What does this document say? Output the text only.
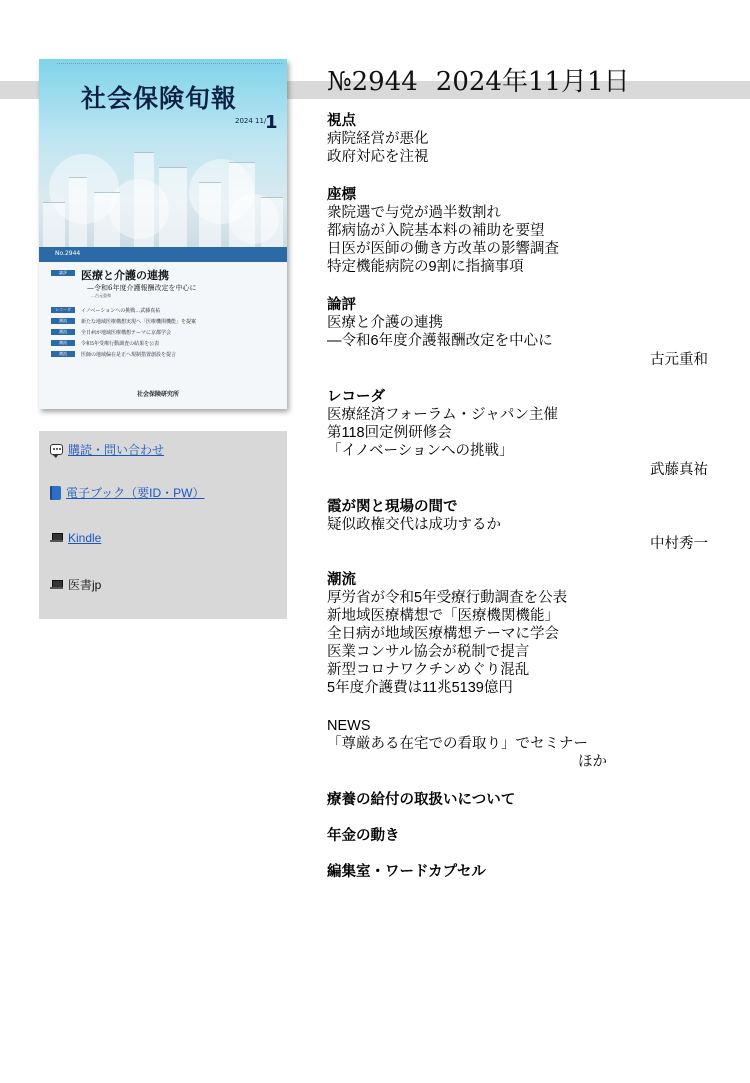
社会保険旬報
2024 11/
1
No.2944
論評	医療と介護の連携
—令和6年度介護報酬改定を中心に
…古元重和
レコーダ	イノベーションへの挑戦…武藤真祐
潮流	新たな地域医療構想実現へ「医療機関機能」を提案
潮流	全日病が地域医療構想テーマに京都学会
潮流	令和5年受療行動調査の結果を公表
潮流	医師の地域偏在是正へ規制措置創設を提言
社会保険研究所
購読・問い合わせ
電子ブック（要ID・PW）
Kindle
医書jp
№2944 2024年11月1日
視点
病院経営が悪化
政府対応を注視
座標
衆院選で与党が過半数割れ
都病協が入院基本料の補助を要望
日医が医師の働き方改革の影響調査
特定機能病院の9割に指摘事項
論評
医療と介護の連携
―令和6年度介護報酬改定を中心に
古元重和
レコーダ
医療経済フォーラム・ジャパン主催
第118回定例研修会
「イノベーションへの挑戦」
武藤真祐
霞が関と現場の間で
疑似政権交代は成功するか
中村秀一
潮流
厚労省が令和5年受療行動調査を公表
新地域医療構想で「医療機関機能」
全日病が地域医療構想テーマに学会
医業コンサル協会が税制で提言
新型コロナワクチンめぐり混乱
5年度介護費は11兆5139億円
NEWS
「尊厳ある在宅での看取り」でセミナー
ほか
療養の給付の取扱いについて
年金の動き
編集室・ワードカプセル
